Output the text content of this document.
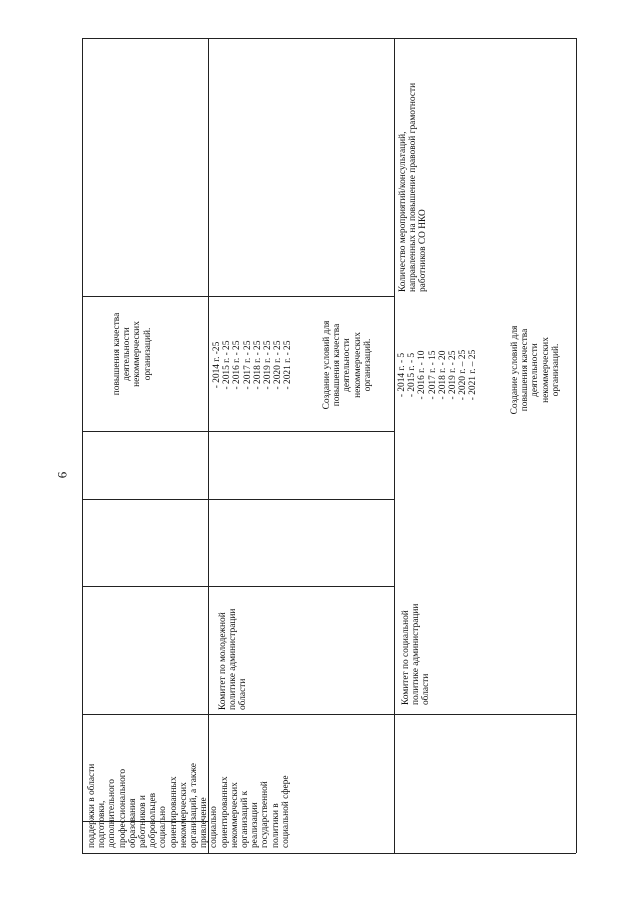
6
поддержки в области
подготовки,
дополнительного
профессионального
образования
работников и
добровольцев
социально
ориентированных
некоммерческих
организаций, а также
привлечение
социально
ориентированных
некоммерческих
организаций к
реализации
государственной
политики в
социальной сфере
повышения качества
деятельности
некоммерческих
организаций.
Комитет по молодежной
политике администрации
области
- 2014 г. -25
- 2015 г. - 25
- 2016 г. - 25
- 2017 г. - 25
- 2018 г. - 25
- 2019 г. - 25
- 2020 г. - 25
- 2021 г. - 25
Создание условий для
повышения качества
деятельности
некоммерческих
организаций.
Комитет по социальной
политике администрации
области
- 2014 г. - 5
- 2015 г. - 5
- 2016 г. - 10
- 2017 г. - 15
- 2018 г. - 20
- 2019 г. - 25
- 2020 г. – 25
- 2021 г. – 25
Создание условий для
повышения качества
деятельности
некоммерческих
организаций.
Количество мероприятий/консультаций,
направленных на повышение правовой грамотности
работников СО НКО
